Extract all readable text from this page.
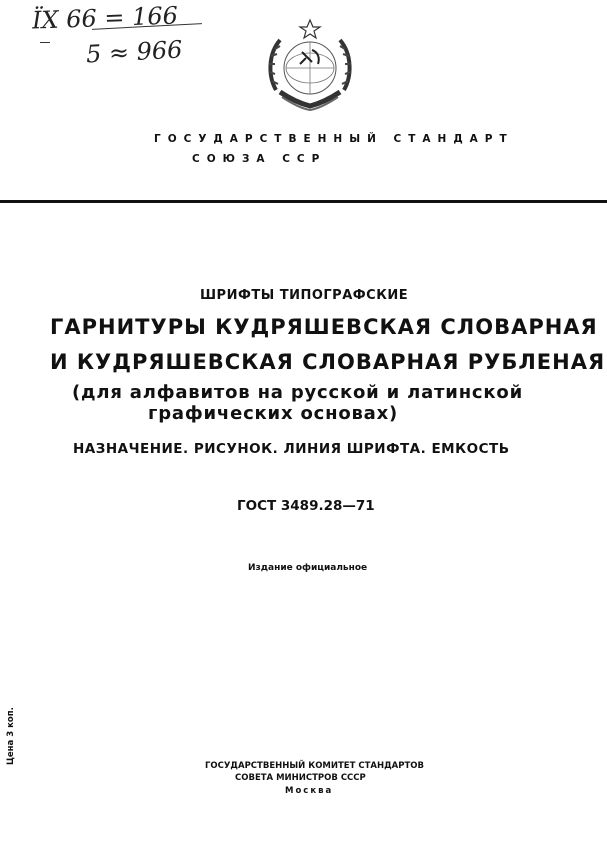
ЇХ 66 = 166
5 ≈ 966
ГОСУДАРСТВЕННЫЙ СТАНДАРТ
СОЮЗА ССР
ШРИФТЫ ТИПОГРАФСКИЕ
ГАРНИТУРЫ КУДРЯШЕВСКАЯ СЛОВАРНАЯ
И КУДРЯШЕВСКАЯ СЛОВАРНАЯ РУБЛЕНАЯ
(для алфавитов на русской и латинской
графических основах)
НАЗНАЧЕНИЕ. РИСУНОК. ЛИНИЯ ШРИФТА. ЕМКОСТЬ
ГОСТ 3489.28—71
Издание официальное
Цена 3 коп.
ГОСУДАРСТВЕННЫЙ КОМИТЕТ СТАНДАРТОВ
СОВЕТА МИНИСТРОВ СССР
Москва
